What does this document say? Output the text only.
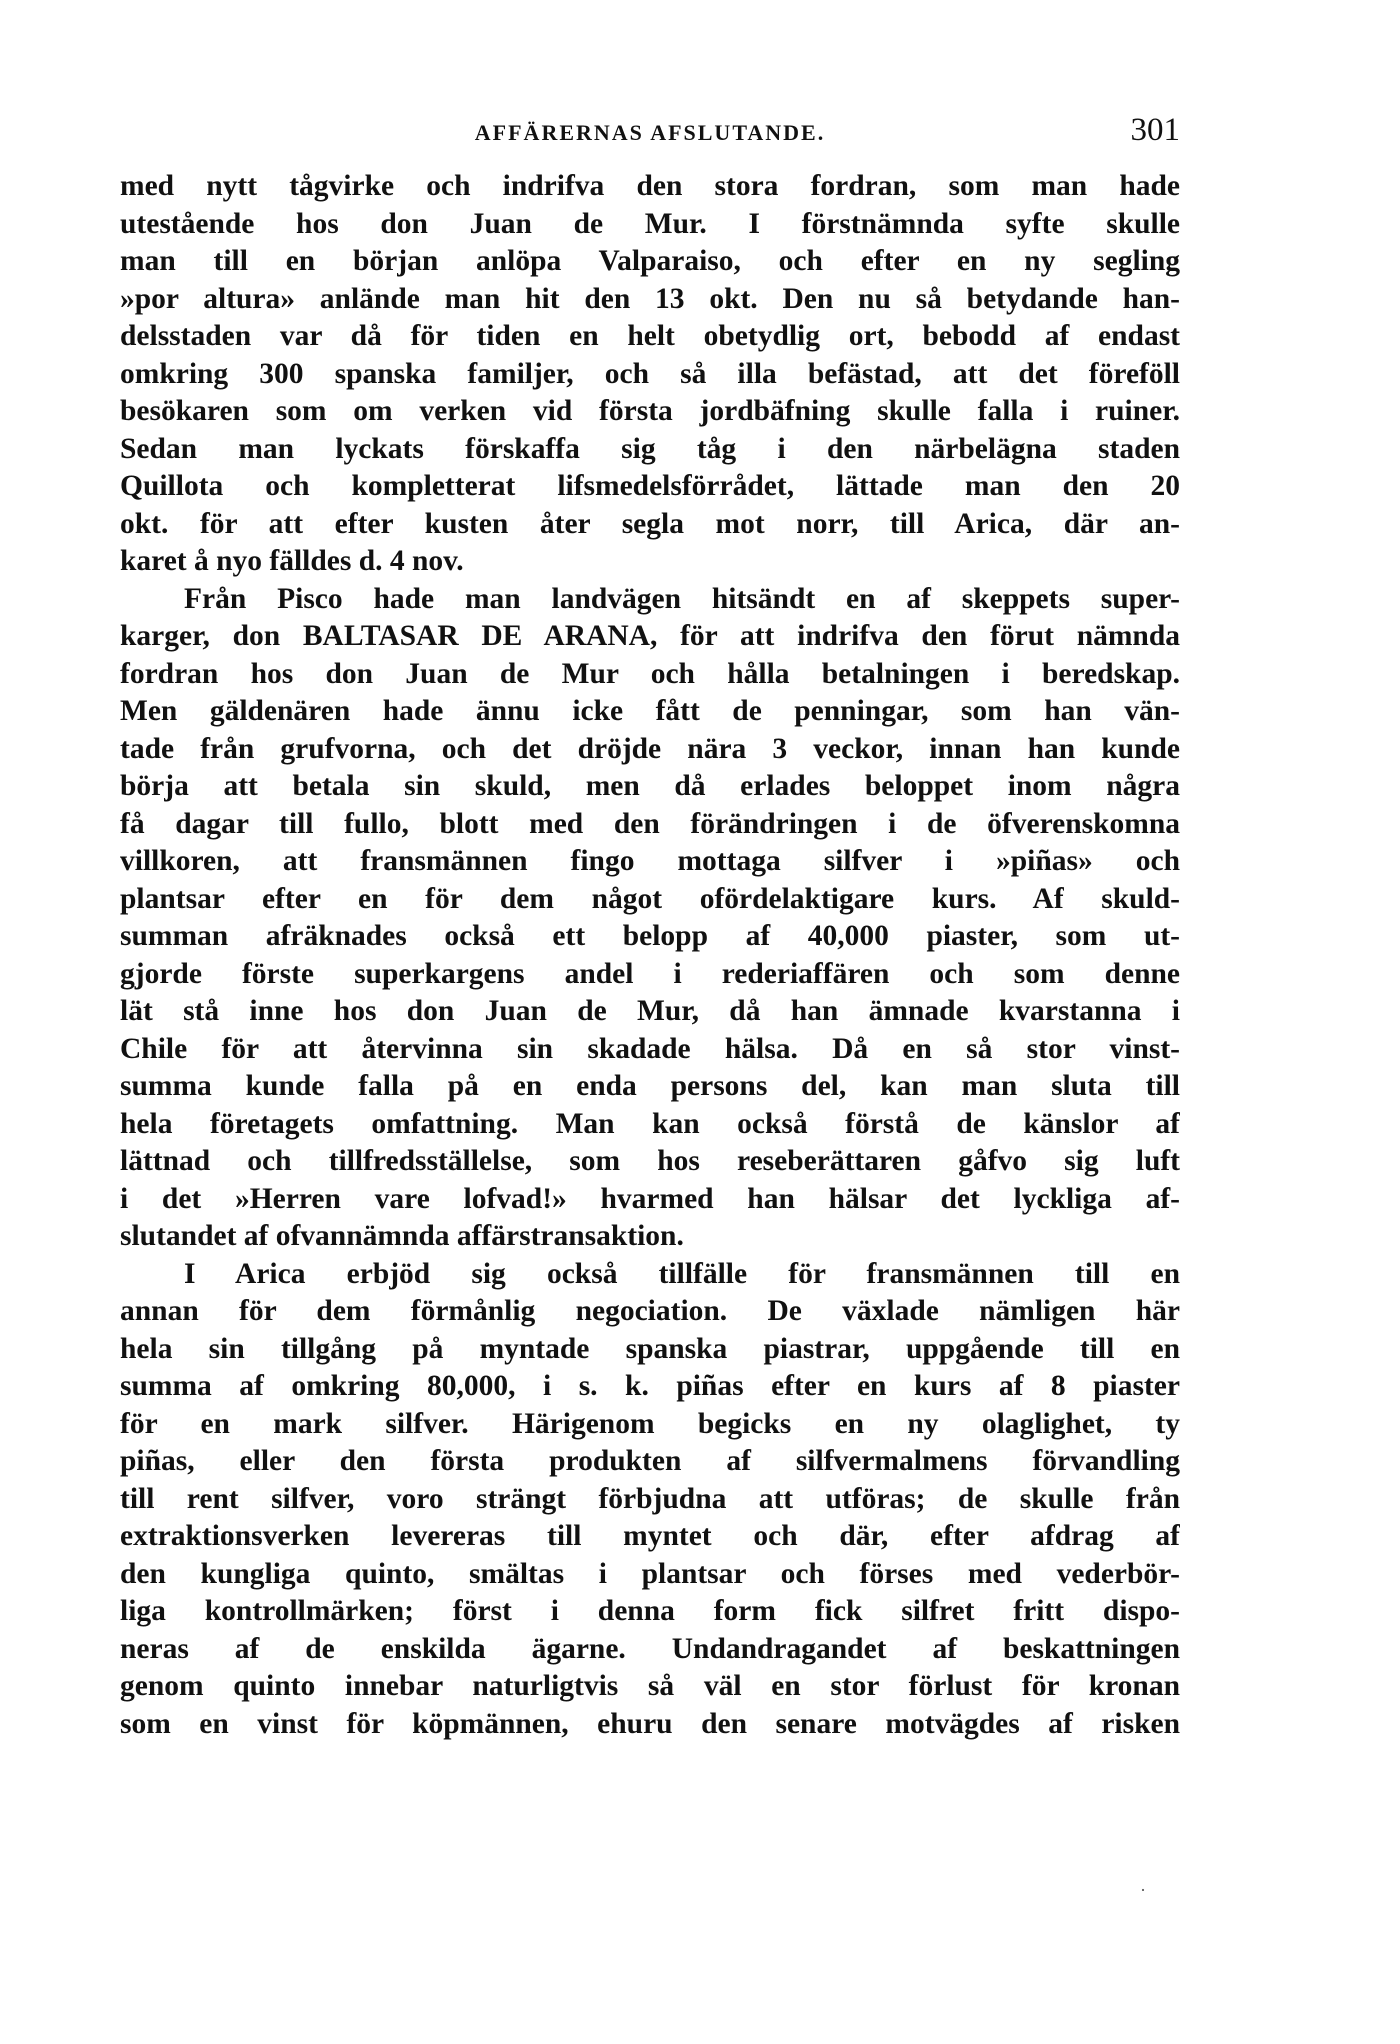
AFFÄRERNAS AFSLUTANDE.	301

med nytt tågvirke och indrifva den stora fordran, som man hade
utestående hos don Juan de Mur. I förstnämnda syfte skulle
man till en början anlöpa Valparaiso, och efter en ny segling
»por altura» anlände man hit den 13 okt. Den nu så betydande han-
delsstaden var då för tiden en helt obetydlig ort, bebodd af endast
omkring 300 spanska familjer, och så illa befästad, att det föreföll
besökaren som om verken vid första jordbäfning skulle falla i ruiner.
Sedan man lyckats förskaffa sig tåg i den närbelägna staden
Quillota och kompletterat lifsmedelsförrådet, lättade man den 20
okt. för att efter kusten åter segla mot norr, till Arica, där an-
karet å nyo fälldes d. 4 nov.

Från Pisco hade man landvägen hitsändt en af skeppets super-
karger, don BALTASAR DE ARANA, för att indrifva den förut nämnda
fordran hos don Juan de Mur och hålla betalningen i beredskap.
Men gäldenären hade ännu icke fått de penningar, som han vän-
tade från grufvorna, och det dröjde nära 3 veckor, innan han kunde
börja att betala sin skuld, men då erlades beloppet inom några
få dagar till fullo, blott med den förändringen i de öfverenskomna
villkoren, att fransmännen fingo mottaga silfver i »piñas» och
plantsar efter en för dem något ofördelaktigare kurs. Af skuld-
summan afräknades också ett belopp af 40,000 piaster, som ut-
gjorde förste superkargens andel i rederiaffären och som denne
lät stå inne hos don Juan de Mur, då han ämnade kvarstanna i
Chile för att återvinna sin skadade hälsa. Då en så stor vinst-
summa kunde falla på en enda persons del, kan man sluta till
hela företagets omfattning. Man kan också förstå de känslor af
lättnad och tillfredsställelse, som hos reseberättaren gåfvo sig luft
i det »Herren vare lofvad!» hvarmed han hälsar det lyckliga af-
slutandet af ofvannämnda affärstransaktion.

I Arica erbjöd sig också tillfälle för fransmännen till en
annan för dem förmånlig negociation. De växlade nämligen här
hela sin tillgång på myntade spanska piastrar, uppgående till en
summa af omkring 80,000, i s. k. piñas efter en kurs af 8 piaster
för en mark silfver. Härigenom begicks en ny olaglighet, ty
piñas, eller den första produkten af silfvermalmens förvandling
till rent silfver, voro strängt förbjudna att utföras; de skulle från
extraktionsverken levereras till myntet och där, efter afdrag af
den kungliga quinto, smältas i plantsar och förses med vederbör-
liga kontrollmärken; först i denna form fick silfret fritt dispo-
neras af de enskilda ägarne. Undandragandet af beskattningen
genom quinto innebar naturligtvis så väl en stor förlust för kronan
som en vinst för köpmännen, ehuru den senare motvägdes af risken

·
